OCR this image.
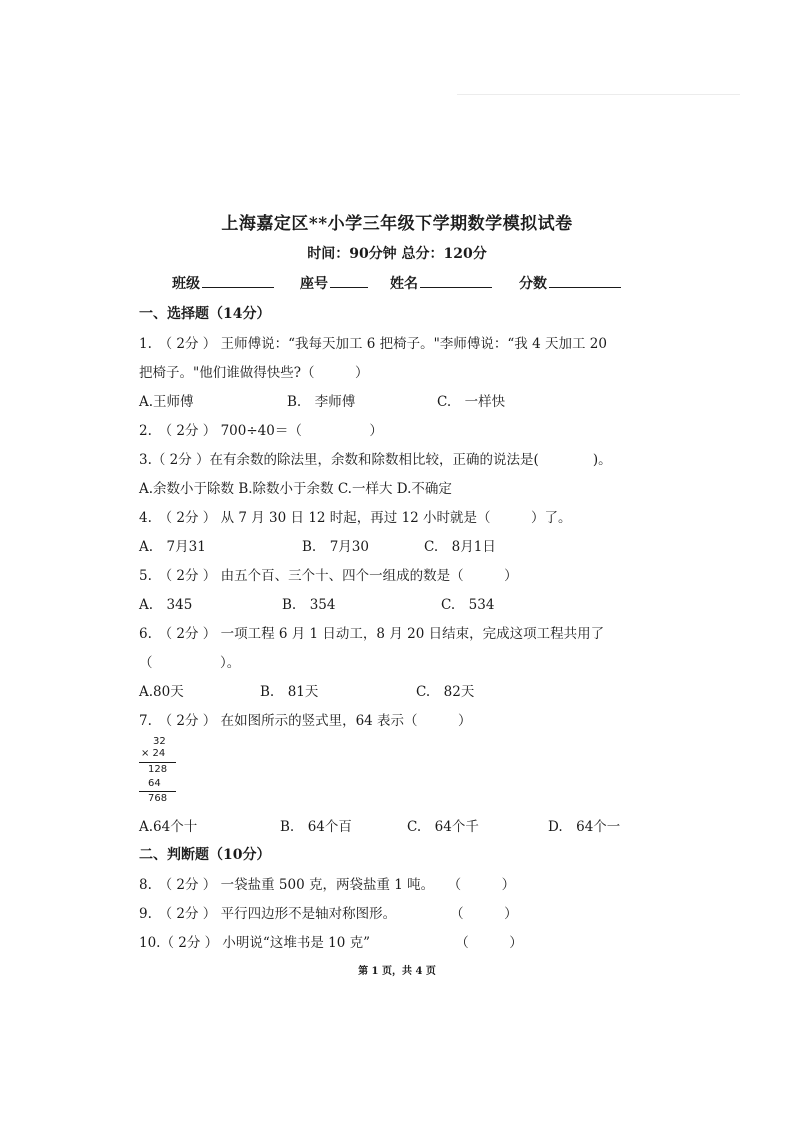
上海嘉定区**小学三年级下学期数学模拟试卷
时间：90分钟 总分：120分
班级	座号	姓名	分数
一、选择题（14分）
1.　（ 2分 ） 王师傅说：“我每天加工 6 把椅子。"李师傅说：“我 4 天加工 20
把椅子。"他们谁做得快些?（　　　）
A.王师傅	B.　李师傅	C.　一样快
2.　（ 2分 ） 700÷40＝（　　　　　）
3.（ 2分 ）在有余数的除法里，余数和除数相比较，正确的说法是(　　　　)。
A.余数小于除数 B.除数小于余数 C.一样大 D.不确定
4.　（ 2分 ） 从 7 月 30 日 12 时起，再过 12 小时就是（　　　）了。
A.　7月31	B.　7月30	C.　8月1日
5.　（ 2分 ） 由五个百、三个十、四个一组成的数是（　　　）
A.　345	B.　354	C.　534
6.　（ 2分 ） 一项工程 6 月 1 日动工，8 月 20 日结束，完成这项工程共用了
（　　　　　）。
A.80天	B.　81天	C.　82天
7.　（ 2分 ） 在如图所示的竖式里，64 表示（　　　）
32
× 24
128
64
768
A.64个十	B.　64个百	C.　64个千	D.　64个一
二、判断题（10分）
8.　（ 2分 ） 一袋盐重 500 克，两袋盐重 1 吨。　　（　　　）
9.　（ 2分 ） 平行四边形不是轴对称图形。　　　　　（　　　）
10.（ 2分 ） 小明说“这堆书是 10 克”　　　　　　 （　　　）
第 1 页，共 4 页
